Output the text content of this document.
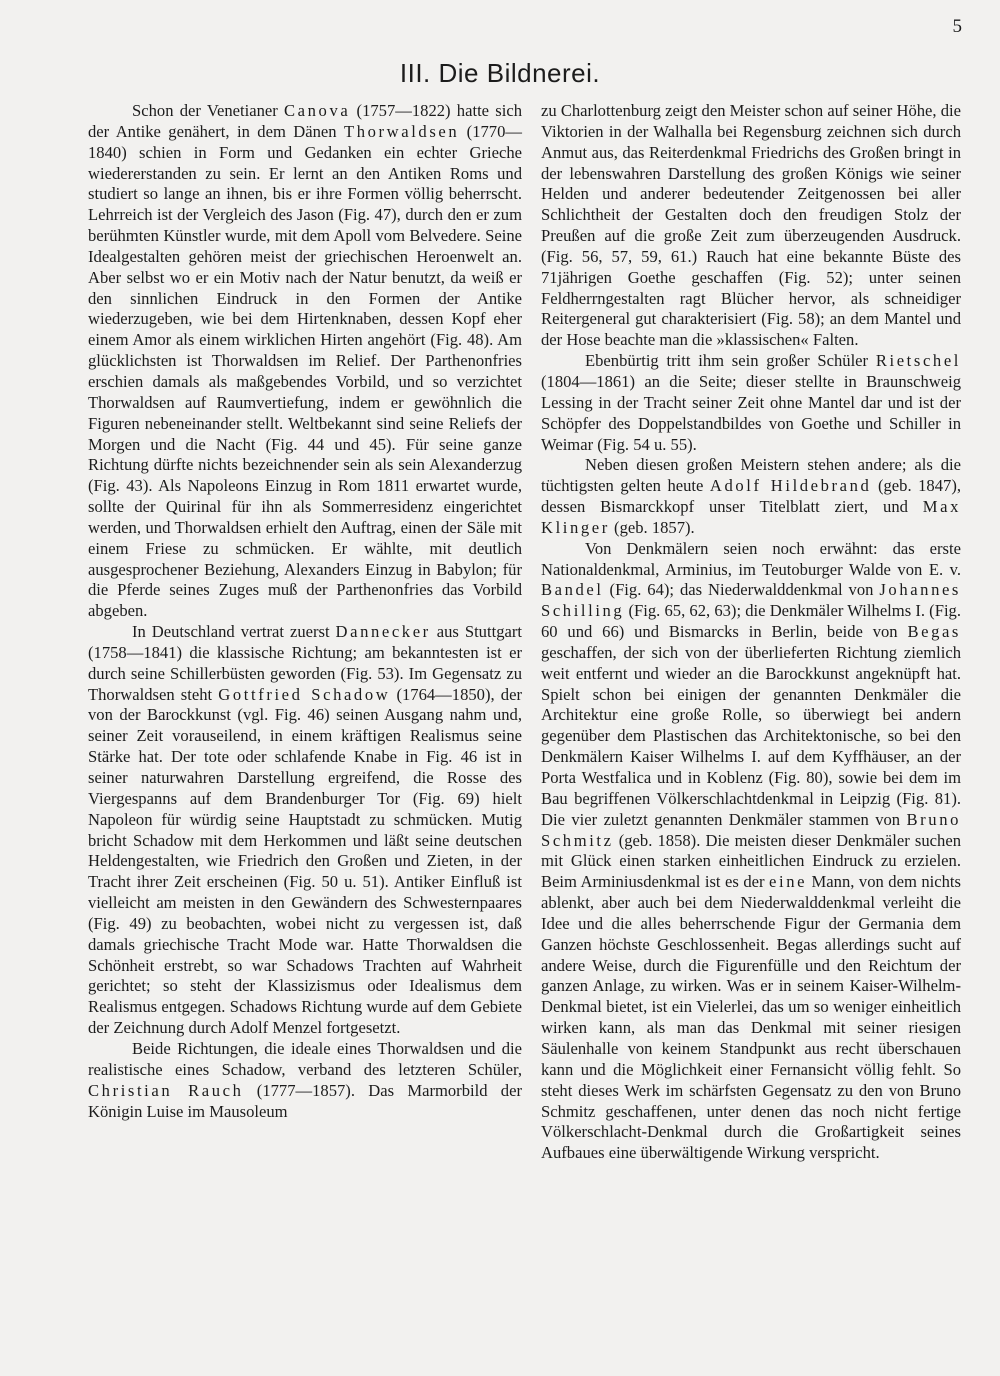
5
III. Die Bildnerei.

Schon der Venetianer Canova (1757—1822) hatte sich der Antike genähert, in dem Dänen Thorwaldsen (1770—1840) schien in Form und Gedanken ein echter Grieche wiedererstanden zu sein. Er lernt an den Antiken Roms und studiert so lange an ihnen, bis er ihre Formen völlig beherrscht. Lehrreich ist der Vergleich des Jason (Fig. 47), durch den er zum berühmten Künstler wurde, mit dem Apoll vom Belvedere. Seine Idealgestalten gehören meist der griechischen Heroenwelt an. Aber selbst wo er ein Motiv nach der Natur benutzt, da weiß er den sinnlichen Eindruck in den Formen der Antike wiederzugeben, wie bei dem Hirtenknaben, dessen Kopf eher einem Amor als einem wirklichen Hirten angehört (Fig. 48). Am glücklichsten ist Thorwaldsen im Relief. Der Parthenonfries erschien damals als maßgebendes Vorbild, und so verzichtet Thorwaldsen auf Raumvertiefung, indem er gewöhnlich die Figuren nebeneinander stellt. Weltbekannt sind seine Reliefs der Morgen und die Nacht (Fig. 44 und 45). Für seine ganze Richtung dürfte nichts bezeichnender sein als sein Alexanderzug (Fig. 43). Als Napoleons Einzug in Rom 1811 erwartet wurde, sollte der Quirinal für ihn als Sommerresidenz eingerichtet werden, und Thorwaldsen erhielt den Auftrag, einen der Säle mit einem Friese zu schmücken. Er wählte, mit deutlich ausgesprochener Beziehung, Alexanders Einzug in Babylon; für die Pferde seines Zuges muß der Parthenonfries das Vorbild abgeben.

In Deutschland vertrat zuerst Dannecker aus Stuttgart (1758—1841) die klassische Richtung; am bekanntesten ist er durch seine Schillerbüsten geworden (Fig. 53). Im Gegensatz zu Thorwaldsen steht Gottfried Schadow (1764—1850), der von der Barockkunst (vgl. Fig. 46) seinen Ausgang nahm und, seiner Zeit vorauseilend, in einem kräftigen Realismus seine Stärke hat. Der tote oder schlafende Knabe in Fig. 46 ist in seiner naturwahren Darstellung ergreifend, die Rosse des Viergespanns auf dem Brandenburger Tor (Fig. 69) hielt Napoleon für würdig seine Hauptstadt zu schmücken. Mutig bricht Schadow mit dem Herkommen und läßt seine deutschen Heldengestalten, wie Friedrich den Großen und Zieten, in der Tracht ihrer Zeit erscheinen (Fig. 50 u. 51). Antiker Einfluß ist vielleicht am meisten in den Gewändern des Schwesternpaares (Fig. 49) zu beobachten, wobei nicht zu vergessen ist, daß damals griechische Tracht Mode war. Hatte Thorwaldsen die Schönheit erstrebt, so war Schadows Trachten auf Wahrheit gerichtet; so steht der Klassizismus oder Idealismus dem Realismus entgegen. Schadows Richtung wurde auf dem Gebiete der Zeichnung durch Adolf Menzel fortgesetzt.

Beide Richtungen, die ideale eines Thorwaldsen und die realistische eines Schadow, verband des letzteren Schüler, Christian Rauch (1777—1857). Das Marmorbild der Königin Luise im Mausoleum

zu Charlottenburg zeigt den Meister schon auf seiner Höhe, die Viktorien in der Walhalla bei Regensburg zeichnen sich durch Anmut aus, das Reiterdenkmal Friedrichs des Großen bringt in der lebenswahren Darstellung des großen Königs wie seiner Helden und anderer bedeutender Zeitgenossen bei aller Schlichtheit der Gestalten doch den freudigen Stolz der Preußen auf die große Zeit zum überzeugenden Ausdruck. (Fig. 56, 57, 59, 61.) Rauch hat eine bekannte Büste des 71jährigen Goethe geschaffen (Fig. 52); unter seinen Feldherrngestalten ragt Blücher hervor, als schneidiger Reitergeneral gut charakterisiert (Fig. 58); an dem Mantel und der Hose beachte man die »klassischen« Falten.

Ebenbürtig tritt ihm sein großer Schüler Rietschel (1804—1861) an die Seite; dieser stellte in Braunschweig Lessing in der Tracht seiner Zeit ohne Mantel dar und ist der Schöpfer des Doppelstandbildes von Goethe und Schiller in Weimar (Fig. 54 u. 55).

Neben diesen großen Meistern stehen andere; als die tüchtigsten gelten heute Adolf Hildebrand (geb. 1847), dessen Bismarckkopf unser Titelblatt ziert, und Max Klinger (geb. 1857).

Von Denkmälern seien noch erwähnt: das erste Nationaldenkmal, Arminius, im Teutoburger Walde von E. v. Bandel (Fig. 64); das Niederwalddenkmal von Johannes Schilling (Fig. 65, 62, 63); die Denkmäler Wilhelms I. (Fig. 60 und 66) und Bismarcks in Berlin, beide von Begas geschaffen, der sich von der überlieferten Richtung ziemlich weit entfernt und wieder an die Barockkunst angeknüpft hat. Spielt schon bei einigen der genannten Denkmäler die Architektur eine große Rolle, so überwiegt bei andern gegenüber dem Plastischen das Architektonische, so bei den Denkmälern Kaiser Wilhelms I. auf dem Kyffhäuser, an der Porta Westfalica und in Koblenz (Fig. 80), sowie bei dem im Bau begriffenen Völkerschlachtdenkmal in Leipzig (Fig. 81). Die vier zuletzt genannten Denkmäler stammen von Bruno Schmitz (geb. 1858). Die meisten dieser Denkmäler suchen mit Glück einen starken einheitlichen Eindruck zu erzielen. Beim Arminiusdenkmal ist es der eine Mann, von dem nichts ablenkt, aber auch bei dem Niederwalddenkmal verleiht die Idee und die alles beherrschende Figur der Germania dem Ganzen höchste Geschlossenheit. Begas allerdings sucht auf andere Weise, durch die Figurenfülle und den Reichtum der ganzen Anlage, zu wirken. Was er in seinem Kaiser-Wilhelm-Denkmal bietet, ist ein Vielerlei, das um so weniger einheitlich wirken kann, als man das Denkmal mit seiner riesigen Säulenhalle von keinem Standpunkt aus recht überschauen kann und die Möglichkeit einer Fernansicht völlig fehlt. So steht dieses Werk im schärfsten Gegensatz zu den von Bruno Schmitz geschaffenen, unter denen das noch nicht fertige Völkerschlacht-Denkmal durch die Großartigkeit seines Aufbaues eine überwältigende Wirkung verspricht.
